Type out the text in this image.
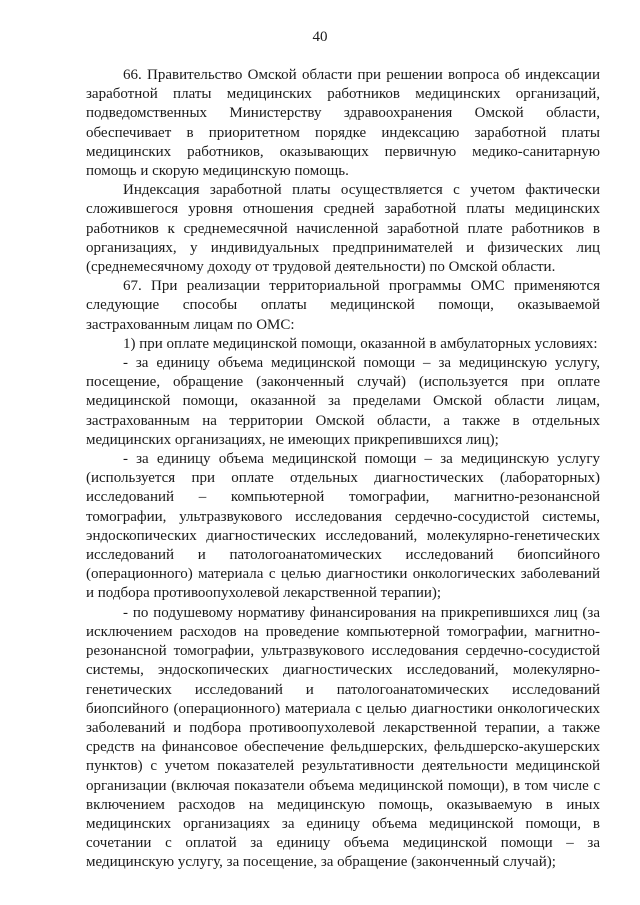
40

66. Правительство Омской области при решении вопроса об индексации заработной платы медицинских работников медицинских организаций, подведомственных Министерству здравоохранения Омской области, обеспечивает в приоритетном порядке индексацию заработной платы медицинских работников, оказывающих первичную медико-санитарную помощь и скорую медицинскую помощь.

Индексация заработной платы осуществляется с учетом фактически сложившегося уровня отношения средней заработной платы медицинских работников к среднемесячной начисленной заработной плате работников в организациях, у индивидуальных предпринимателей и физических лиц (среднемесячному доходу от трудовой деятельности) по Омской области.

67. При реализации территориальной программы ОМС применяются следующие способы оплаты медицинской помощи, оказываемой застрахованным лицам по ОМС:

1) при оплате медицинской помощи, оказанной в амбулаторных условиях:

- за единицу объема медицинской помощи – за медицинскую услугу, посещение, обращение (законченный случай) (используется при оплате медицинской помощи, оказанной за пределами Омской области лицам, застрахованным на территории Омской области, а также в отдельных медицинских организациях, не имеющих прикрепившихся лиц);

- за единицу объема медицинской помощи – за медицинскую услугу (используется при оплате отдельных диагностических (лабораторных) исследований – компьютерной томографии, магнитно-резонансной томографии, ультразвукового исследования сердечно-сосудистой системы, эндоскопических диагностических исследований, молекулярно-генетических исследований и патологоанатомических исследований биопсийного (операционного) материала с целью диагностики онкологических заболеваний и подбора противоопухолевой лекарственной терапии);

- по подушевому нормативу финансирования на прикрепившихся лиц (за исключением расходов на проведение компьютерной томографии, магнитно-резонансной томографии, ультразвукового исследования сердечно-сосудистой системы, эндоскопических диагностических исследований, молекулярно-генетических исследований и патологоанатомических исследований биопсийного (операционного) материала с целью диагностики онкологических заболеваний и подбора противоопухолевой лекарственной терапии, а также средств на финансовое обеспечение фельдшерских, фельдшерско-акушерских пунктов) с учетом показателей результативности деятельности медицинской организации (включая показатели объема медицинской помощи), в том числе с включением расходов на медицинскую помощь, оказываемую в иных медицинских организациях за единицу объема медицинской помощи, в сочетании с оплатой за единицу объема медицинской помощи – за медицинскую услугу, за посещение, за обращение (законченный случай);
